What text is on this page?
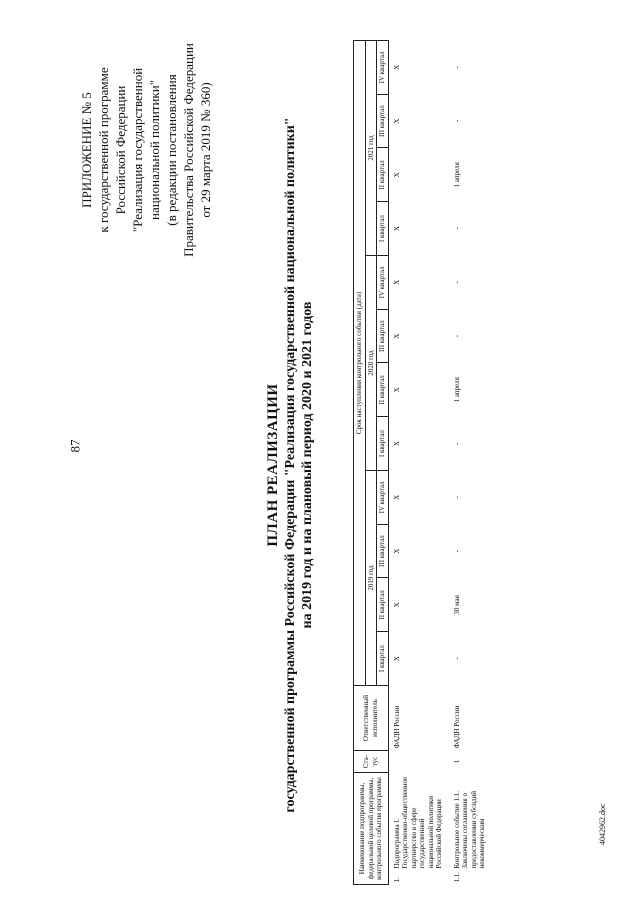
87
4042962.doc
ПРИЛОЖЕНИЕ № 5 к государственной программе Российской Федерации "Реализация государственной национальной политики" (в редакции постановления Правительства Российской Федерации от 29 марта 2019 № 360)
ПЛАН РЕАЛИЗАЦИИ государственной программы Российской Федерации "Реализация государственной национальной политики" на 2019 год и на плановый период 2020 и 2021 годов
Наименование подпрограммы, федеральной целевой программы, контрольного события программы		Ста-тус	Ответственный исполнитель	Срок наступления контрольного события (дата)											
				2019 год				2020 год				2021 год			
				I квартал	II квартал	III квартал	IV квартал	I квартал	II квартал	III квартал	IV квартал	I квартал	II квартал	III квартал	IV квартал
1.	Подпрограмма I. Государственно-общественное партнерство в сфере государственной национальной политики Российской Федерации		ФАДН России	X	X	X	X	X	X	X	X	X	X	X	X
1.1.	Контрольное событие 1.1. Заключены соглашения о предоставлении субсидий некоммерческим	1	ФАДН России	-	30 мая	-	-	-	1 апреля	-	-	-	1 апреля	-	-
